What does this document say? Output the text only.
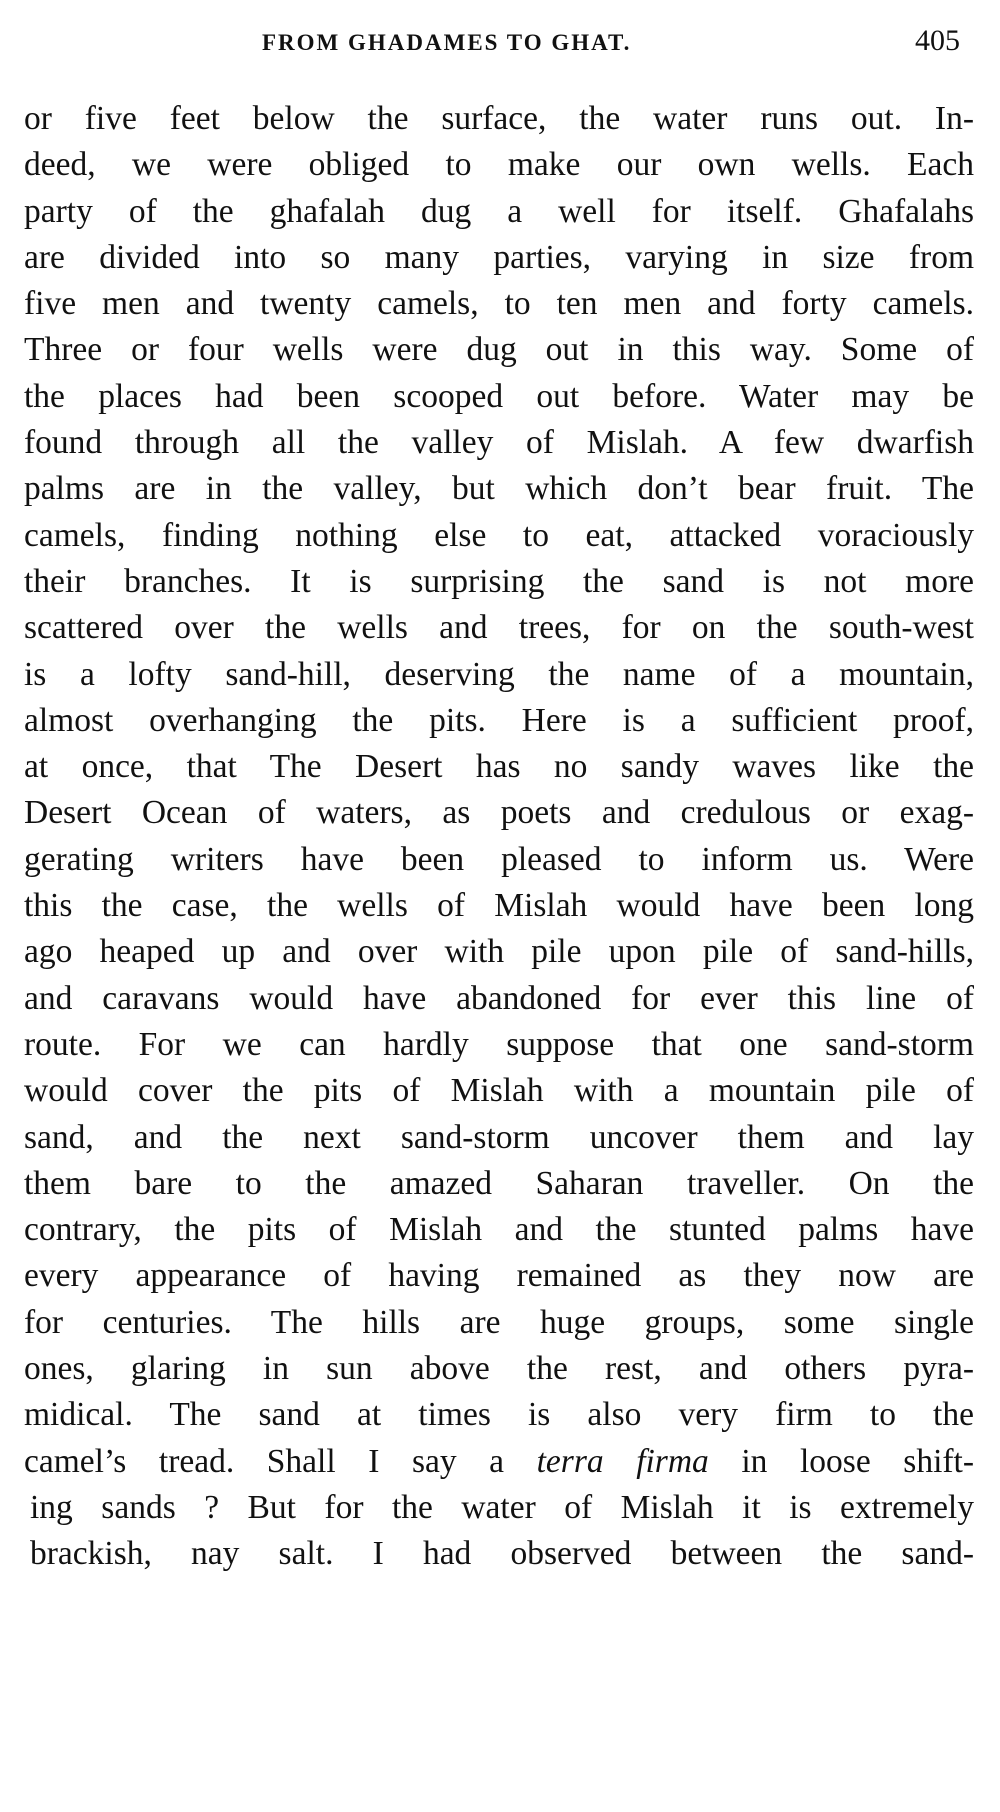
FROM GHADAMES TO GHAT.	405
or five feet below the surface, the water runs out. In-
deed, we were obliged to make our own wells. Each
party of the ghafalah dug a well for itself. Ghafalahs
are divided into so many parties, varying in size from
five men and twenty camels, to ten men and forty camels.
Three or four wells were dug out in this way. Some of
the places had been scooped out before. Water may be
found through all the valley of Mislah. A few dwarfish
palms are in the valley, but which don’t bear fruit. The
camels, finding nothing else to eat, attacked voraciously
their branches. It is surprising the sand is not more
scattered over the wells and trees, for on the south-west
is a lofty sand-hill, deserving the name of a mountain,
almost overhanging the pits. Here is a sufficient proof,
at once, that The Desert has no sandy waves like the
Desert Ocean of waters, as poets and credulous or exag-
gerating writers have been pleased to inform us. Were
this the case, the wells of Mislah would have been long
ago heaped up and over with pile upon pile of sand-hills,
and caravans would have abandoned for ever this line of
route. For we can hardly suppose that one sand-storm
would cover the pits of Mislah with a mountain pile of
sand, and the next sand-storm uncover them and lay
them bare to the amazed Saharan traveller. On the
contrary, the pits of Mislah and the stunted palms have
every appearance of having remained as they now are
for centuries. The hills are huge groups, some single
ones, glaring in sun above the rest, and others pyra-
midical. The sand at times is also very firm to the
camel’s tread. Shall I say a terra firma in loose shift-
ing sands ? But for the water of Mislah it is extremely
brackish, nay salt. I had observed between the sand-
